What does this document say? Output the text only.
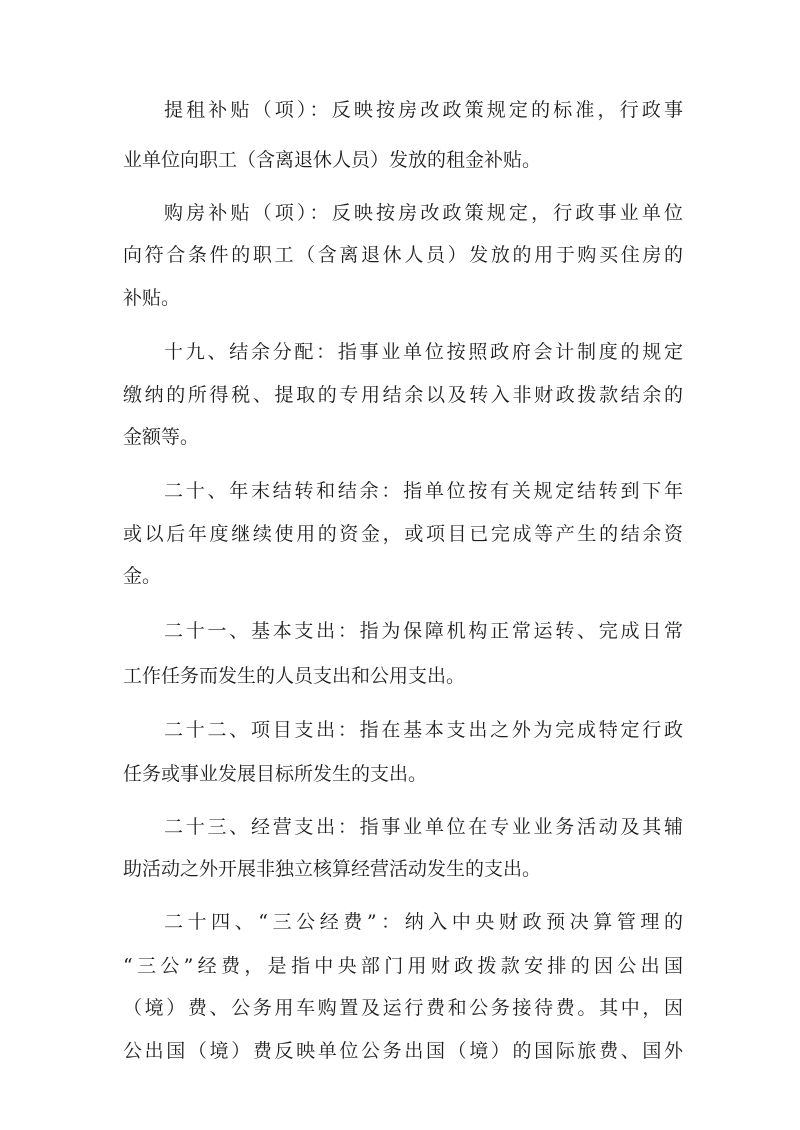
提租补贴（项）：反映按房改政策规定的标准，行政事
业单位向职工（含离退休人员）发放的租金补贴。
购房补贴（项）：反映按房改政策规定，行政事业单位
向符合条件的职工（含离退休人员）发放的用于购买住房的
补贴。
十九、结余分配：指事业单位按照政府会计制度的规定
缴纳的所得税、提取的专用结余以及转入非财政拨款结余的
金额等。
二十、年末结转和结余：指单位按有关规定结转到下年
或以后年度继续使用的资金，或项目已完成等产生的结余资
金。
二十一、基本支出：指为保障机构正常运转、完成日常
工作任务而发生的人员支出和公用支出。
二十二、项目支出：指在基本支出之外为完成特定行政
任务或事业发展目标所发生的支出。
二十三、经营支出：指事业单位在专业业务活动及其辅
助活动之外开展非独立核算经营活动发生的支出。
二十四、“三公经费”：纳入中央财政预决算管理的
“三公”经费，是指中央部门用财政拨款安排的因公出国
（境）费、公务用车购置及运行费和公务接待费。其中，因
公出国（境）费反映单位公务出国（境）的国际旅费、国外
